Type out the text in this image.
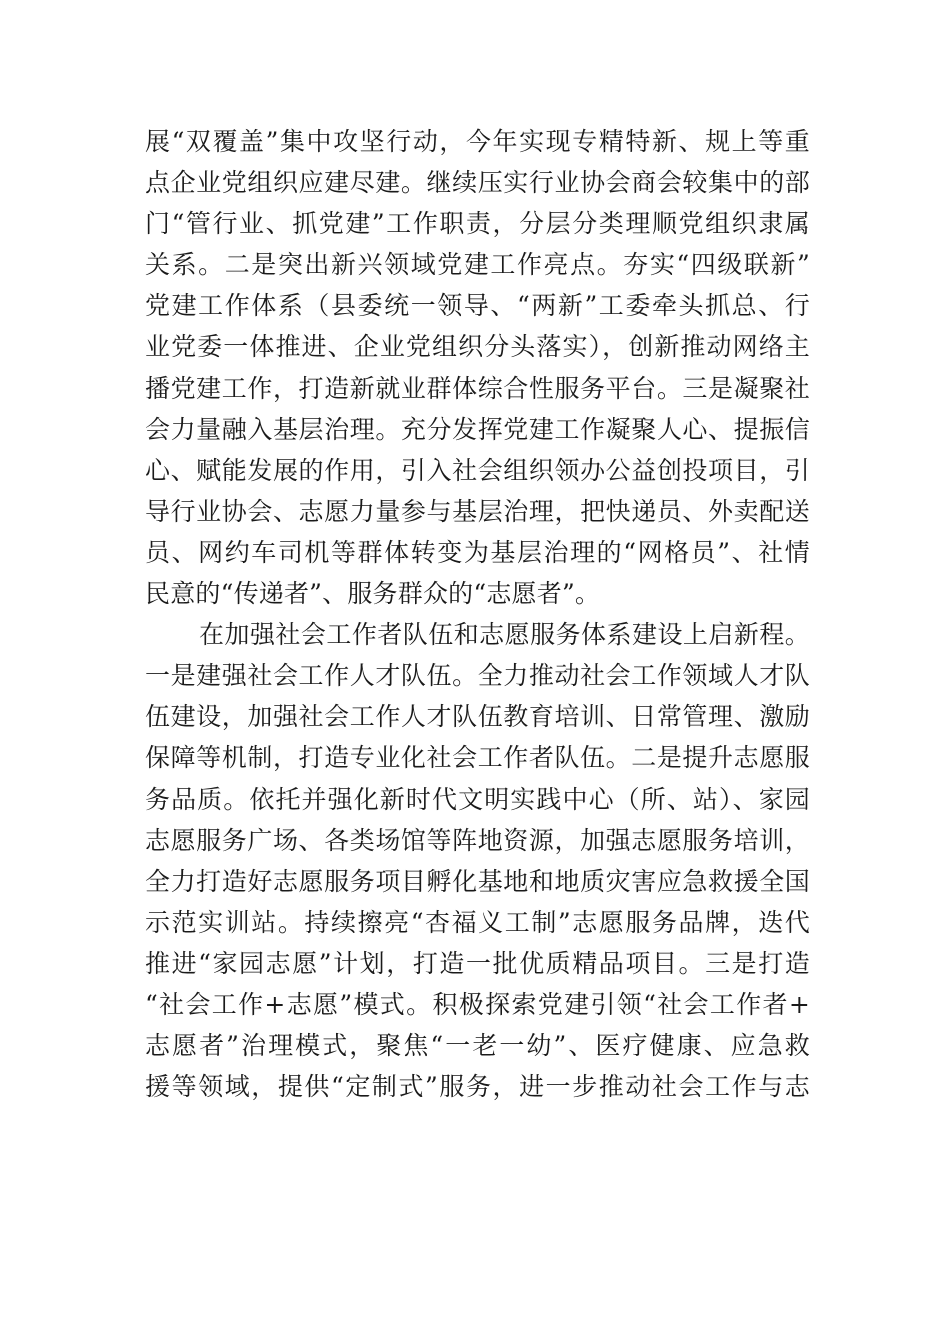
展“双覆盖”集中攻坚行动，今年实现专精特新、规上等重
点企业党组织应建尽建。继续压实行业协会商会较集中的部
门“管行业、抓党建”工作职责，分层分类理顺党组织隶属
关系。二是突出新兴领域党建工作亮点。夯实“四级联新”
党建工作体系（县委统一领导、“两新”工委牵头抓总、行
业党委一体推进、企业党组织分头落实），创新推动网络主
播党建工作，打造新就业群体综合性服务平台。三是凝聚社
会力量融入基层治理。充分发挥党建工作凝聚人心、提振信
心、赋能发展的作用，引入社会组织领办公益创投项目，引
导行业协会、志愿力量参与基层治理，把快递员、外卖配送
员、网约车司机等群体转变为基层治理的“网格员”、社情
民意的“传递者”、服务群众的“志愿者”。
在加强社会工作者队伍和志愿服务体系建设上启新程。
一是建强社会工作人才队伍。全力推动社会工作领域人才队
伍建设，加强社会工作人才队伍教育培训、日常管理、激励
保障等机制，打造专业化社会工作者队伍。二是提升志愿服
务品质。依托并强化新时代文明实践中心（所、站）、家园
志愿服务广场、各类场馆等阵地资源，加强志愿服务培训，
全力打造好志愿服务项目孵化基地和地质灾害应急救援全国
示范实训站。持续擦亮“杏福义工制”志愿服务品牌，迭代
推进“家园志愿”计划，打造一批优质精品项目。三是打造
“社会工作+志愿”模式。积极探索党建引领“社会工作者+
志愿者”治理模式，聚焦“一老一幼”、医疗健康、应急救
援等领域，提供“定制式”服务，进一步推动社会工作与志
